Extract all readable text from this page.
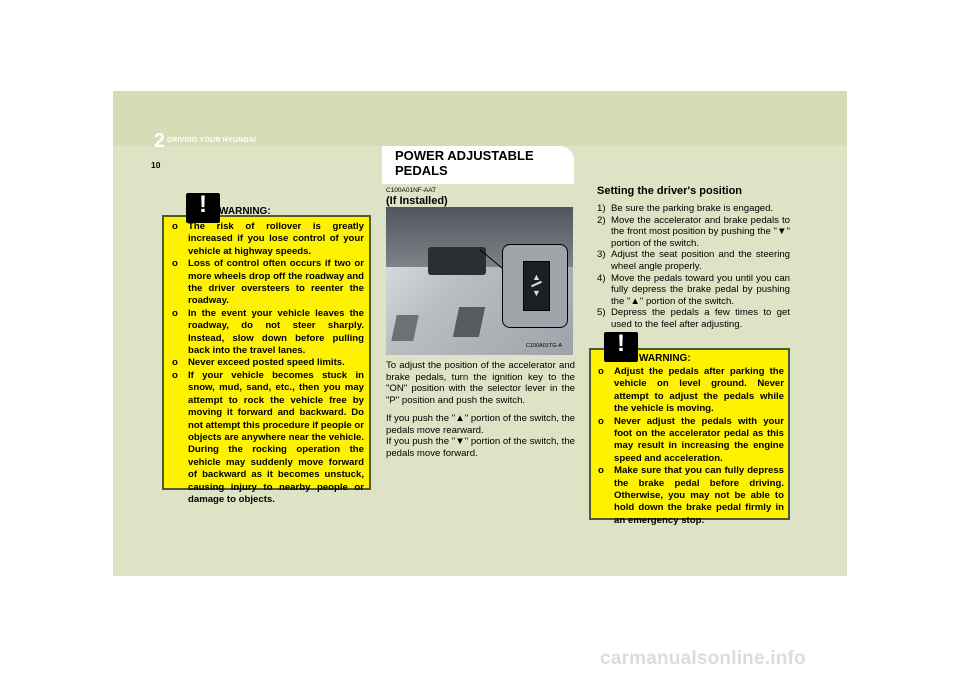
2 DRIVING YOUR HYUNDAI
10
POWER ADJUSTABLE PEDALS
!	WARNING:
o The risk of rollover is greatly increased if you lose control of your vehicle at highway speeds.
o Loss of control often occurs if two or more wheels drop off the roadway and the driver oversteers to reenter the roadway.
o In the event your vehicle leaves the roadway, do not steer sharply. Instead, slow down before pulling back into the travel lanes.
o Never exceed posted speed limits.
o If your vehicle becomes stuck in snow, mud, sand, etc., then you may attempt to rock the vehicle free by moving it forward and backward. Do not attempt this procedure if people or objects are anywhere near the vehicle. During the rocking operation the vehicle may suddenly move forward of backward as it becomes unstuck, causing injury to nearby people or damage to objects.
C100A01NF-AAT
(If Installed)
▲
▼
C100A01TG-A

To adjust the position of the accelerator and brake pedals, turn the ignition key to the "ON" position with the selector lever in the "P" position and push the switch.

If you push the "▲" portion of the switch, the pedals move rearward.
If you push the "▼" portion of the switch, the pedals move forward.

Setting the driver's position
1) Be sure the parking brake is engaged.
2) Move the accelerator and brake pedals to the front most position by pushing the "▼" portion of the switch.
3) Adjust the seat position and the steering wheel angle properly.
4) Move the pedals toward you until you can fully depress the brake pedal by pushing the "▲" portion of the switch.
5) Depress the pedals a few times to get used to the feel after adjusting.
!
WARNING:
o Adjust the pedals after parking the vehicle on level ground. Never attempt to adjust the pedals while the vehicle is moving.
o Never adjust the pedals with your foot on the accelerator pedal as this may result in increasing the engine speed and acceleration.
o Make sure that you can fully depress the brake pedal before driving. Otherwise, you may not be able to hold down the brake pedal firmly in an emergency stop.
carmanualsonline.info
